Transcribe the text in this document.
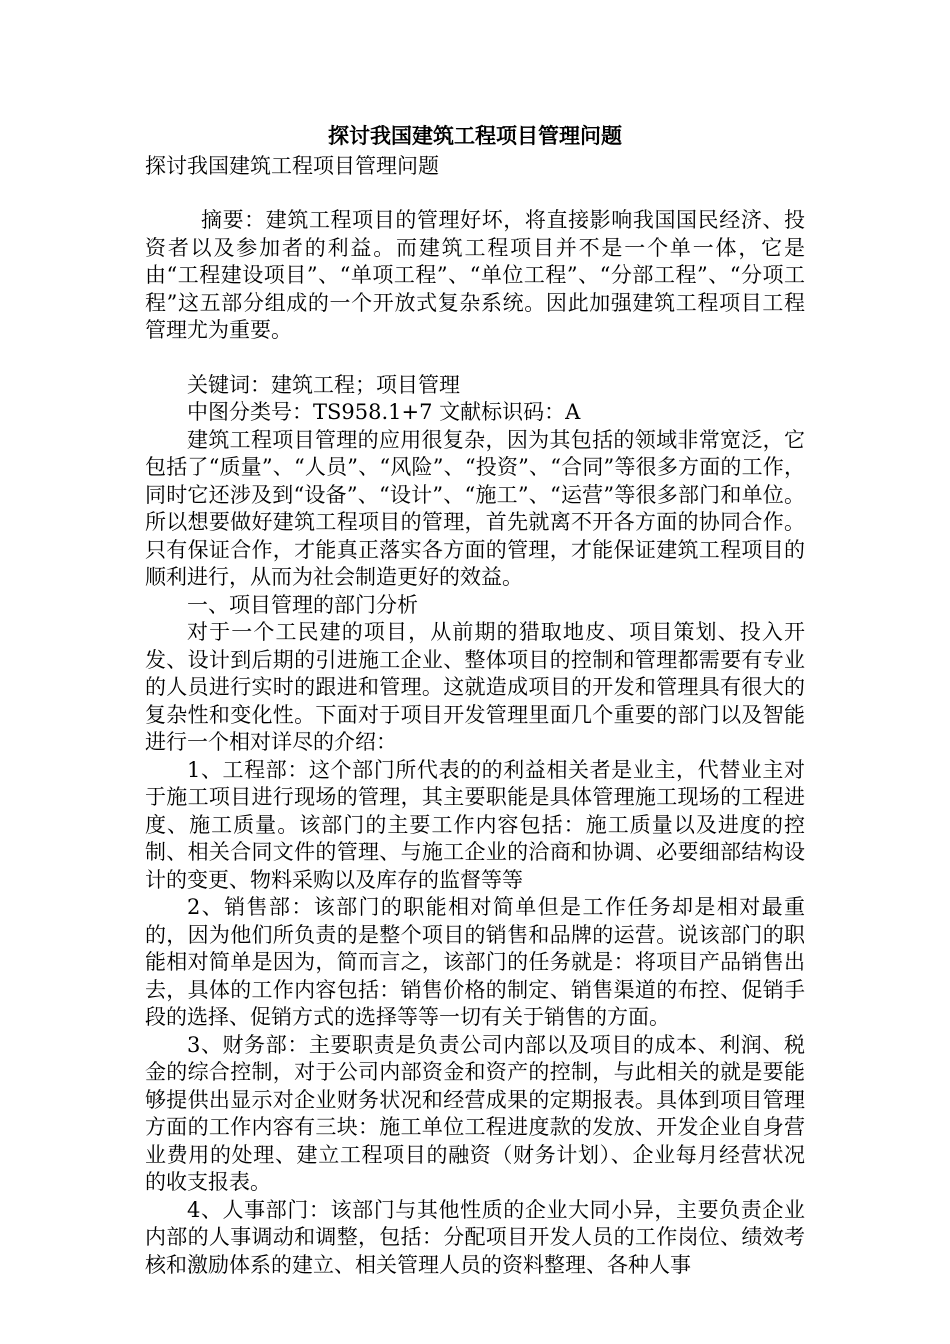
探讨我国建筑工程项目管理问题

探讨我国建筑工程项目管理问题

摘要：建筑工程项目的管理好坏，将直接影响我国国民经济、投资者以及参加者的利益。而建筑工程项目并不是一个单一体，它是由“工程建设项目”、“单项工程”、“单位工程”、“分部工程”、“分项工程”这五部分组成的一个开放式复杂系统。因此加强建筑工程项目工程管理尤为重要。

关键词：建筑工程；项目管理

中图分类号：TS958.1+7 文献标识码：A

建筑工程项目管理的应用很复杂，因为其包括的领域非常宽泛，它包括了“质量”、“人员”、“风险”、“投资”、“合同”等很多方面的工作，同时它还涉及到“设备”、“设计”、“施工”、“运营”等很多部门和单位。所以想要做好建筑工程项目的管理，首先就离不开各方面的协同合作。只有保证合作，才能真正落实各方面的管理，才能保证建筑工程项目的顺利进行，从而为社会制造更好的效益。

一、项目管理的部门分析

对于一个工民建的项目，从前期的猎取地皮、项目策划、投入开发、设计到后期的引进施工企业、整体项目的控制和管理都需要有专业的人员进行实时的跟进和管理。这就造成项目的开发和管理具有很大的复杂性和变化性。下面对于项目开发管理里面几个重要的部门以及智能进行一个相对详尽的介绍：

1、工程部：这个部门所代表的的利益相关者是业主，代替业主对于施工项目进行现场的管理，其主要职能是具体管理施工现场的工程进度、施工质量。该部门的主要工作内容包括：施工质量以及进度的控制、相关合同文件的管理、与施工企业的洽商和协调、必要细部结构设计的变更、物料采购以及库存的监督等等

2、销售部：该部门的职能相对简单但是工作任务却是相对最重的，因为他们所负责的是整个项目的销售和品牌的运营。说该部门的职能相对简单是因为，简而言之，该部门的任务就是：将项目产品销售出去，具体的工作内容包括：销售价格的制定、销售渠道的布控、促销手段的选择、促销方式的选择等等一切有关于销售的方面。

3、财务部：主要职责是负责公司内部以及项目的成本、利润、税金的综合控制，对于公司内部资金和资产的控制，与此相关的就是要能够提供出显示对企业财务状况和经营成果的定期报表。具体到项目管理方面的工作内容有三块：施工单位工程进度款的发放、开发企业自身营业费用的处理、建立工程项目的融资（财务计划）、企业每月经营状况的收支报表。

4、人事部门：该部门与其他性质的企业大同小异，主要负责企业内部的人事调动和调整，包括：分配项目开发人员的工作岗位、绩效考核和激励体系的建立、相关管理人员的资料整理、各种人事
